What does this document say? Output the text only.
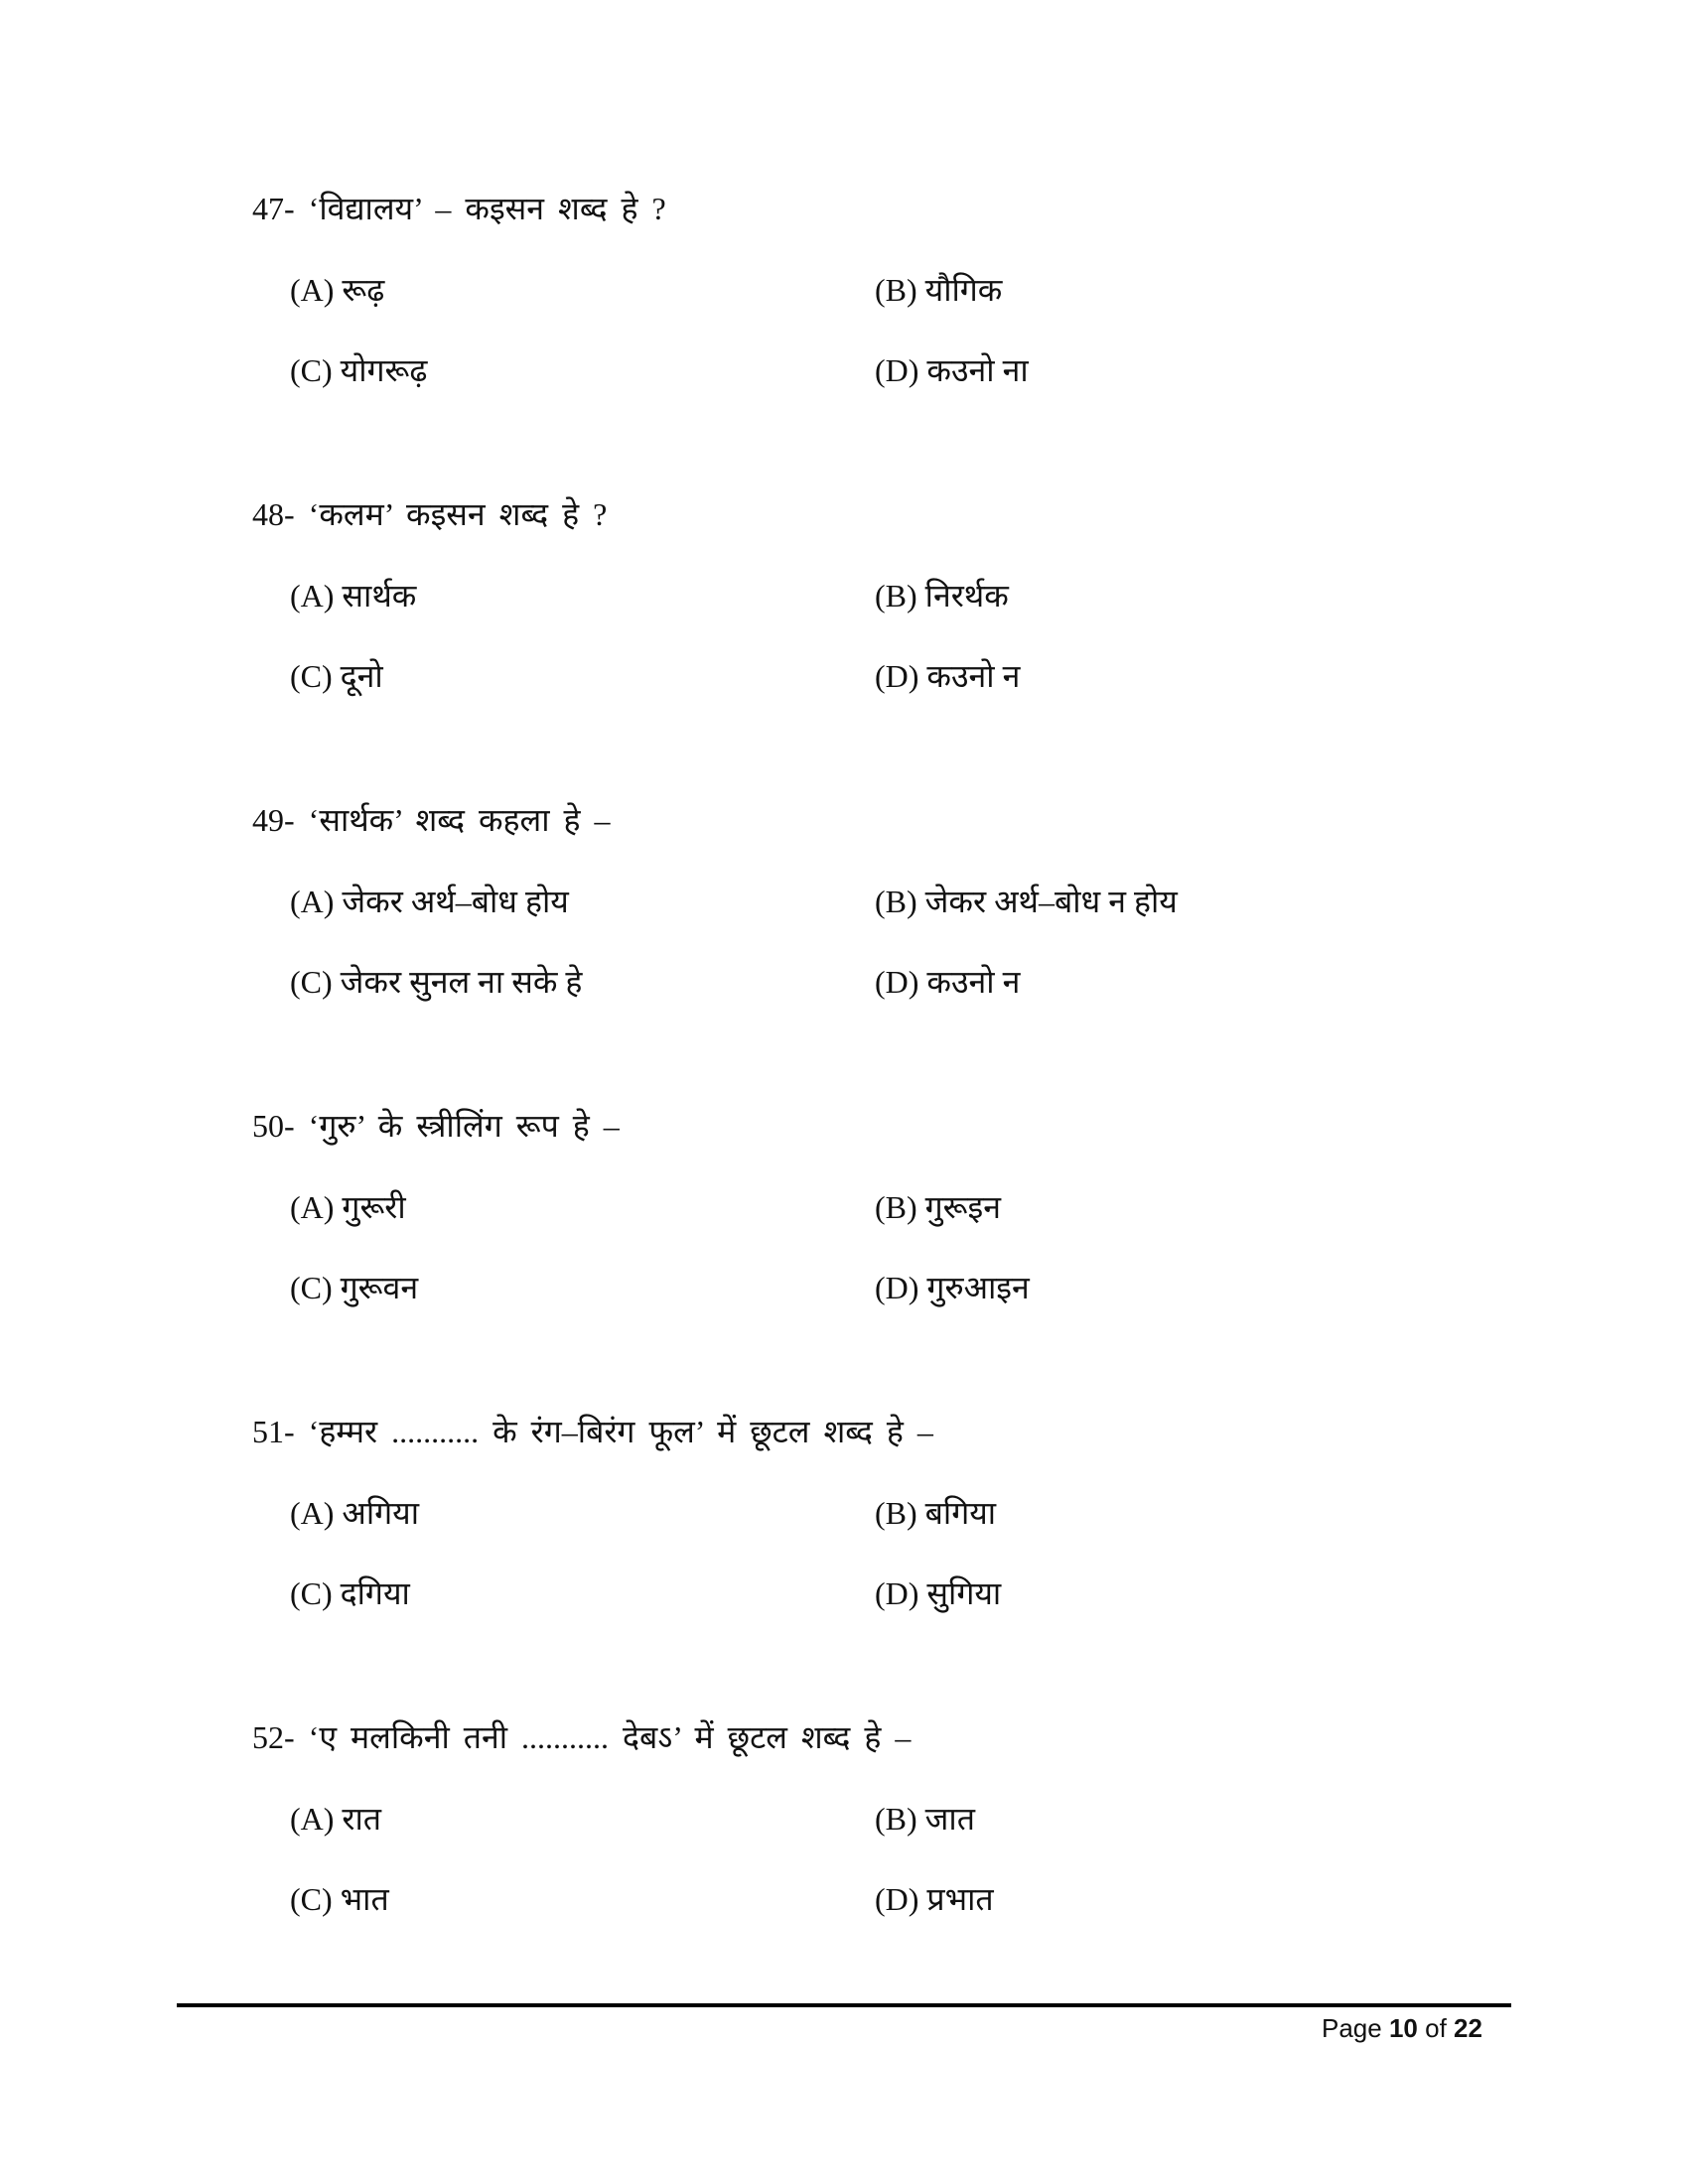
47- ‘विद्यालय’ – कइसन शब्द हे ?
(A) रूढ़	(B) यौगिक
(C) योगरूढ़	(D) कउनो ना
48- ‘कलम’ कइसन शब्द हे ?
(A) सार्थक	(B) निरर्थक
(C) दूनो	(D) कउनो न
49- ‘सार्थक’ शब्द कहला हे –
(A) जेकर अर्थ–बोध होय	(B) जेकर अर्थ–बोध न होय
(C) जेकर सुनल ना सके हे	(D) कउनो न
50- ‘गुरु’ के स्त्रीलिंग रूप हे –
(A) गुरूरी	(B) गुरूइन
(C) गुरूवन	(D) गुरुआइन
51- ‘हम्मर ........... के रंग–बिरंग फूल’ में छूटल शब्द हे –
(A) अगिया	(B) बगिया
(C) दगिया	(D) सुगिया
52- ‘ए मलकिनी तनी ........... देबऽ’ में छूटल शब्द हे –
(A) रात	(B) जात
(C) भात	(D) प्रभात
Page 10 of 22
